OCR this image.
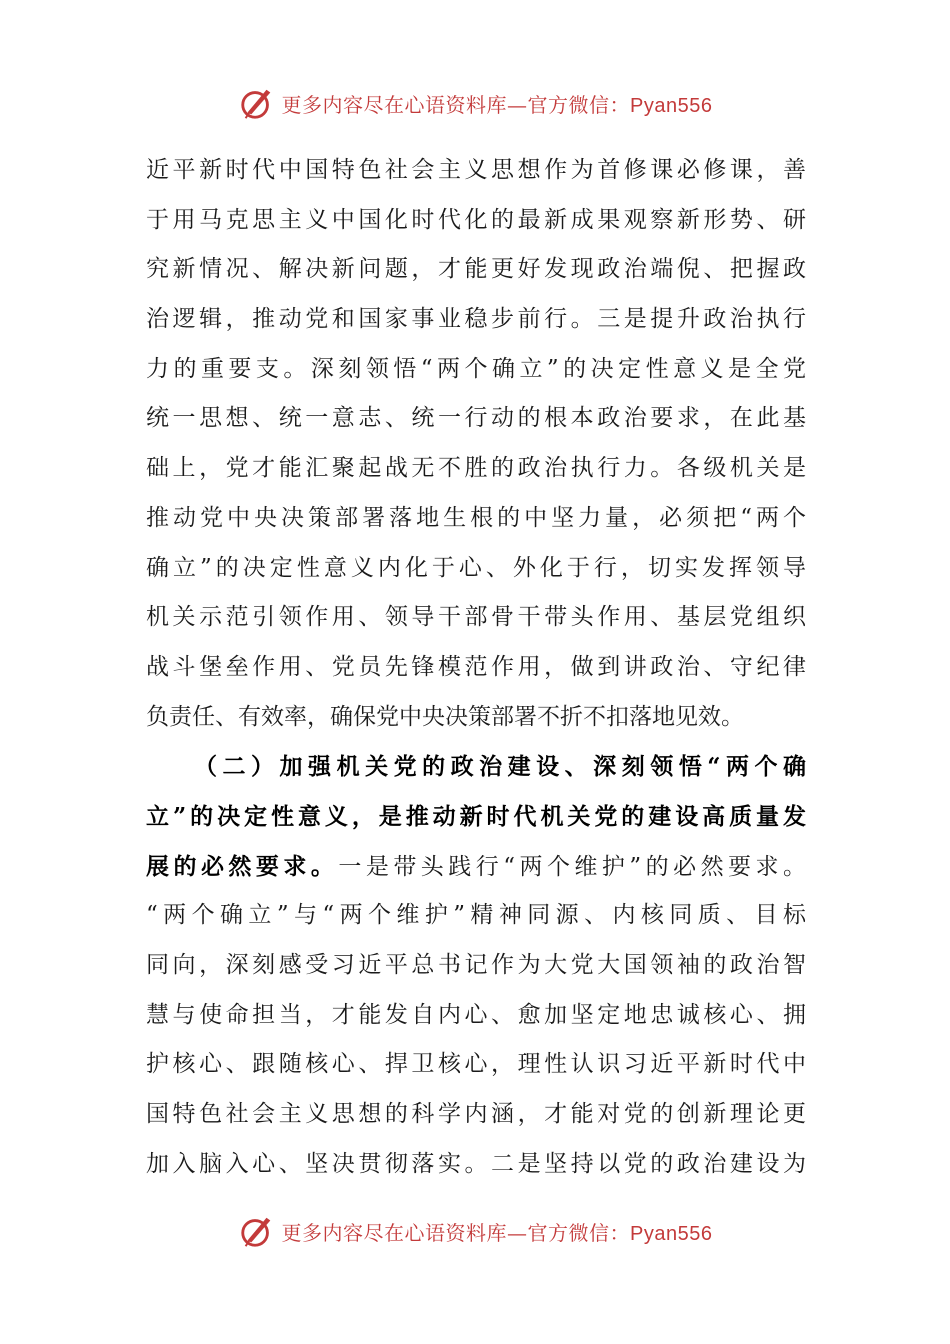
更多内容尽在心语资料库—官方微信：Pyan556
近平新时代中国特色社会主义思想作为首修课必修课，善
于用马克思主义中国化时代化的最新成果观察新形势、研
究新情况、解决新问题，才能更好发现政治端倪、把握政
治逻辑，推动党和国家事业稳步前行。三是提升政治执行
力的重要支。深刻领悟“两个确立”的决定性意义是全党
统一思想、统一意志、统一行动的根本政治要求，在此基
础上，党才能汇聚起战无不胜的政治执行力。各级机关是
推动党中央决策部署落地生根的中坚力量，必须把“两个
确立”的决定性意义内化于心、外化于行，切实发挥领导
机关示范引领作用、领导干部骨干带头作用、基层党组织
战斗堡垒作用、党员先锋模范作用，做到讲政治、守纪律
负责任、有效率，确保党中央决策部署不折不扣落地见效。
（二）加强机关党的政治建设、深刻领悟“两个确
立”的决定性意义，是推动新时代机关党的建设高质量发
展的必然要求。一是带头践行“两个维护”的必然要求。
“两个确立”与“两个维护”精神同源、内核同质、目标
同向，深刻感受习近平总书记作为大党大国领袖的政治智
慧与使命担当，才能发自内心、愈加坚定地忠诚核心、拥
护核心、跟随核心、捍卫核心，理性认识习近平新时代中
国特色社会主义思想的科学内涵，才能对党的创新理论更
加入脑入心、坚决贯彻落实。二是坚持以党的政治建设为
更多内容尽在心语资料库—官方微信：Pyan556
